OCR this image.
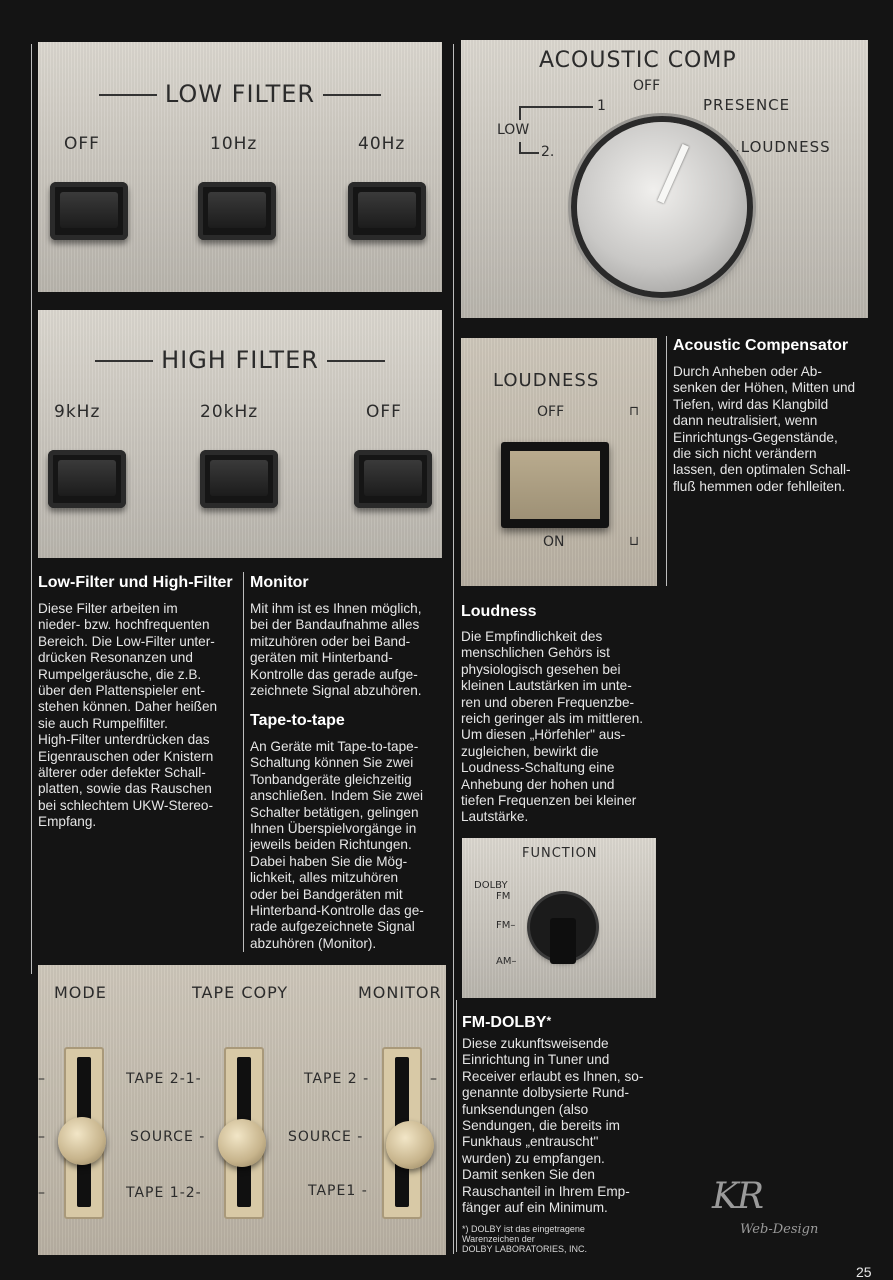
LOW FILTER
OFF	10Hz	40Hz
HIGH FILTER
9kHz	20kHz	OFF
ACOUSTIC COMP
OFF
LOW
1
2.
PRESENCE
.LOUDNESS
LOUDNESS
OFF	⊓
ON	⊔
FUNCTION
DOLBY
FM
FM–
AM–
MODE	TAPE COPY	MONITOR
–
–
–
TAPE 2-1-
SOURCE -
TAPE 1-2-
TAPE 2 -
SOURCE -
TAPE1 -
–
Low-Filter und High-Filter
Diese Filter arbeiten im
nieder- bzw. hochfrequenten
Bereich. Die Low-Filter unter-
drücken Resonanzen und
Rumpelgeräusche, die z.B.
über den Plattenspieler ent-
stehen können. Daher heißen
sie auch Rumpelfilter.
High-Filter unterdrücken das
Eigenrauschen oder Knistern
älterer oder defekter Schall-
platten, sowie das Rauschen
bei schlechtem UKW-Stereo-
Empfang.
Monitor
Mit ihm ist es Ihnen möglich,
bei der Bandaufnahme alles
mitzuhören oder bei Band-
geräten mit Hinterband-
Kontrolle das gerade aufge-
zeichnete Signal abzuhören.
Tape-to-tape
An Geräte mit Tape-to-tape-
Schaltung können Sie zwei
Tonbandgeräte gleichzeitig
anschließen. Indem Sie zwei
Schalter betätigen, gelingen
Ihnen Überspielvorgänge in
jeweils beiden Richtungen.
Dabei haben Sie die Mög-
lichkeit, alles mitzuhören
oder bei Bandgeräten mit
Hinterband-Kontrolle das ge-
rade aufgezeichnete Signal
abzuhören (Monitor).
Loudness
Die Empfindlichkeit des
menschlichen Gehörs ist
physiologisch gesehen bei
kleinen Lautstärken im unte-
ren und oberen Frequenzbe-
reich geringer als im mittleren.
Um diesen „Hörfehler" aus-
zugleichen, bewirkt die
Loudness-Schaltung eine
Anhebung der hohen und
tiefen Frequenzen bei kleiner
Lautstärke.
Acoustic Compensator
Durch Anheben oder Ab-
senken der Höhen, Mitten und
Tiefen, wird das Klangbild
dann neutralisiert, wenn
Einrichtungs-Gegenstände,
die sich nicht verändern
lassen, den optimalen Schall-
fluß hemmen oder fehlleiten.
FM-DOLBY*
Diese zukunftsweisende
Einrichtung in Tuner und
Receiver erlaubt es Ihnen, so-
genannte dolbysierte Rund-
funksendungen (also
Sendungen, die bereits im
Funkhaus „entrauscht"
wurden) zu empfangen.
Damit senken Sie den
Rauschanteil in Ihrem Emp-
fänger auf ein Minimum.
*) DOLBY ist das eingetragene
Warenzeichen der
DOLBY LABORATORIES, INC.
KR
Web-Design
25
